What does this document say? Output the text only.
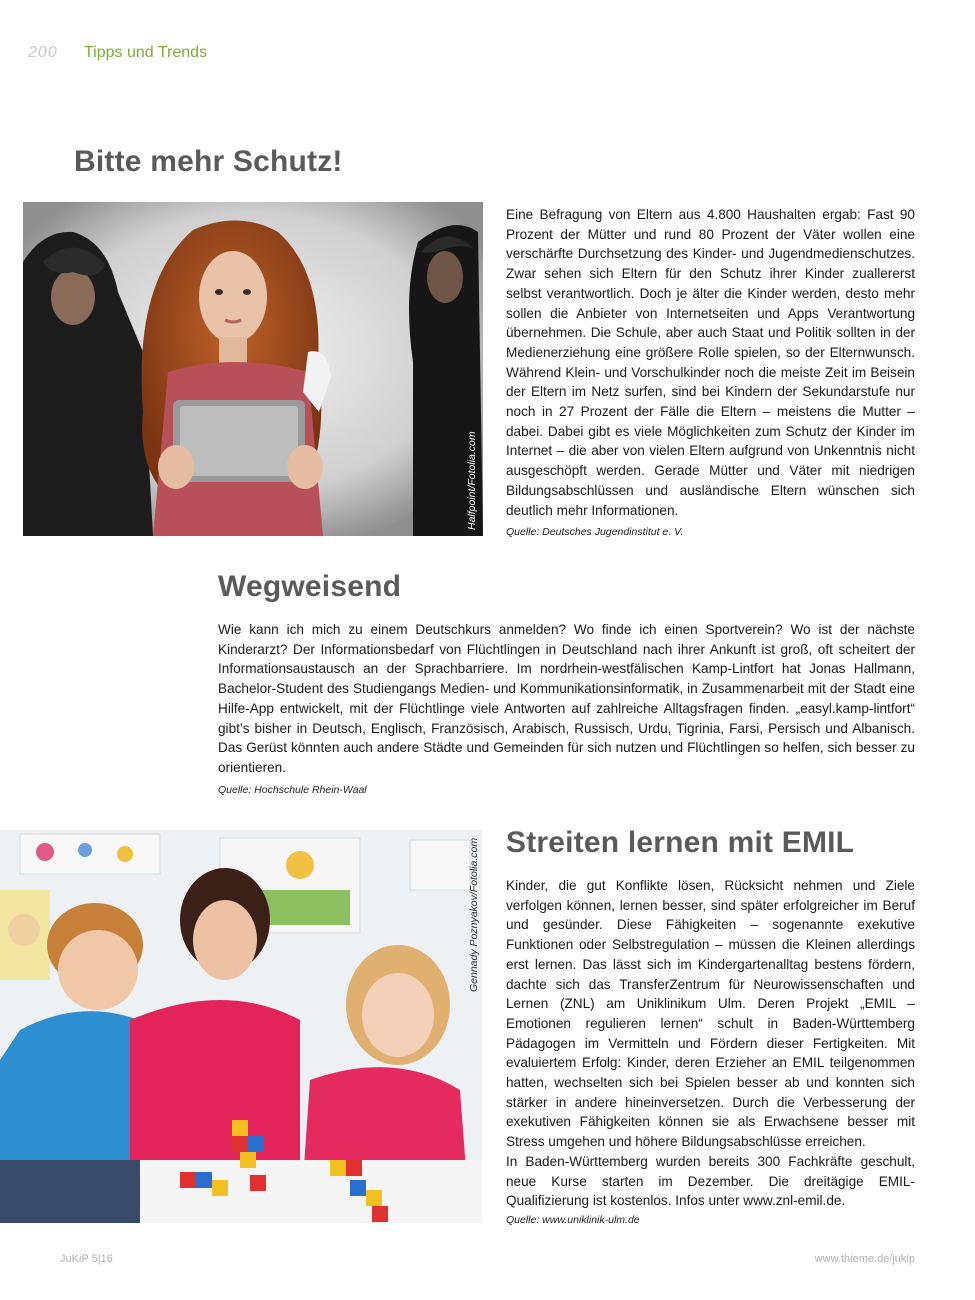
200 Tipps und Trends
Bitte mehr Schutz!
Halfpoint/Fotolia.com

Eine Befragung von Eltern aus 4.800 Haushalten ergab: Fast 90 Prozent der Mütter und rund 80 Prozent der Väter wollen eine verschärfte Durchsetzung des Kinder- und Jugendmedienschutzes. Zwar sehen sich Eltern für den Schutz ihrer Kinder zuallererst selbst verantwortlich. Doch je älter die Kinder werden, desto mehr sollen die Anbieter von Internetseiten und Apps Verantwortung übernehmen. Die Schule, aber auch Staat und Politik sollten in der Medienerziehung eine größere Rolle spielen, so der Elternwunsch. Während Klein- und Vorschulkinder noch die meiste Zeit im Beisein der Eltern im Netz surfen, sind bei Kindern der Sekundarstufe nur noch in 27 Prozent der Fälle die Eltern – meistens die Mutter – dabei. Dabei gibt es viele Möglichkeiten zum Schutz der Kinder im Internet – die aber von vielen Eltern aufgrund von Unkenntnis nicht ausgeschöpft werden. Gerade Mütter und Väter mit niedrigen Bildungsabschlüssen und ausländische Eltern wünschen sich deutlich mehr Informationen.

Quelle: Deutsches Jugendinstitut e. V.

Wegweisend

Wie kann ich mich zu einem Deutschkurs anmelden? Wo finde ich einen Sportverein? Wo ist der nächste Kinderarzt? Der Informationsbedarf von Flüchtlingen in Deutschland nach ihrer Ankunft ist groß, oft scheitert der Informationsaustausch an der Sprachbarriere. Im nordrhein-westfälischen Kamp-Lintfort hat Jonas Hallmann, Bachelor-Student des Studiengangs Medien- und Kommunikationsinformatik, in Zusammenarbeit mit der Stadt eine Hilfe-App entwickelt, mit der Flüchtlinge viele Antworten auf zahlreiche Alltagsfragen finden. „easyl.kamp-lintfort“ gibt’s bisher in Deutsch, Englisch, Französisch, Arabisch, Russisch, Urdu, Tigrinia, Farsi, Persisch und Albanisch. Das Gerüst könnten auch andere Städte und Gemeinden für sich nutzen und Flüchtlingen so helfen, sich besser zu orientieren.

Quelle: Hochschule Rhein-Waal

Gennady Poznyakov/Fotolia.com Streiten lernen mit EMIL

Kinder, die gut Konflikte lösen, Rücksicht nehmen und Ziele verfolgen können, lernen besser, sind später erfolgreicher im Beruf und gesünder. Diese Fähigkeiten – sogenannte exekutive Funktionen oder Selbstregulation – müssen die Kleinen allerdings erst lernen. Das lässt sich im Kindergartenalltag bestens fördern, dachte sich das TransferZentrum für Neurowissenschaften und Lernen (ZNL) am Uniklinikum Ulm. Deren Projekt „EMIL – Emotionen regulieren lernen“ schult in Baden-Württemberg Pädagogen im Vermitteln und Fördern dieser Fertigkeiten. Mit evaluiertem Erfolg: Kinder, deren Erzieher an EMIL teilgenommen hatten, wechselten sich bei Spielen besser ab und konnten sich stärker in andere hineinversetzen. Durch die Verbesserung der exekutiven Fähigkeiten können sie als Erwachsene besser mit Stress umgehen und höhere Bildungsabschlüsse erreichen.

In Baden-Württemberg wurden bereits 300 Fachkräfte geschult, neue Kurse starten im Dezember. Die dreitägige EMIL-Qualifizierung ist kostenlos. Infos unter www.znl-emil.de.

Quelle: www.uniklinik-ulm.de

JuKiP 5|16	www.thieme.de/jukip
